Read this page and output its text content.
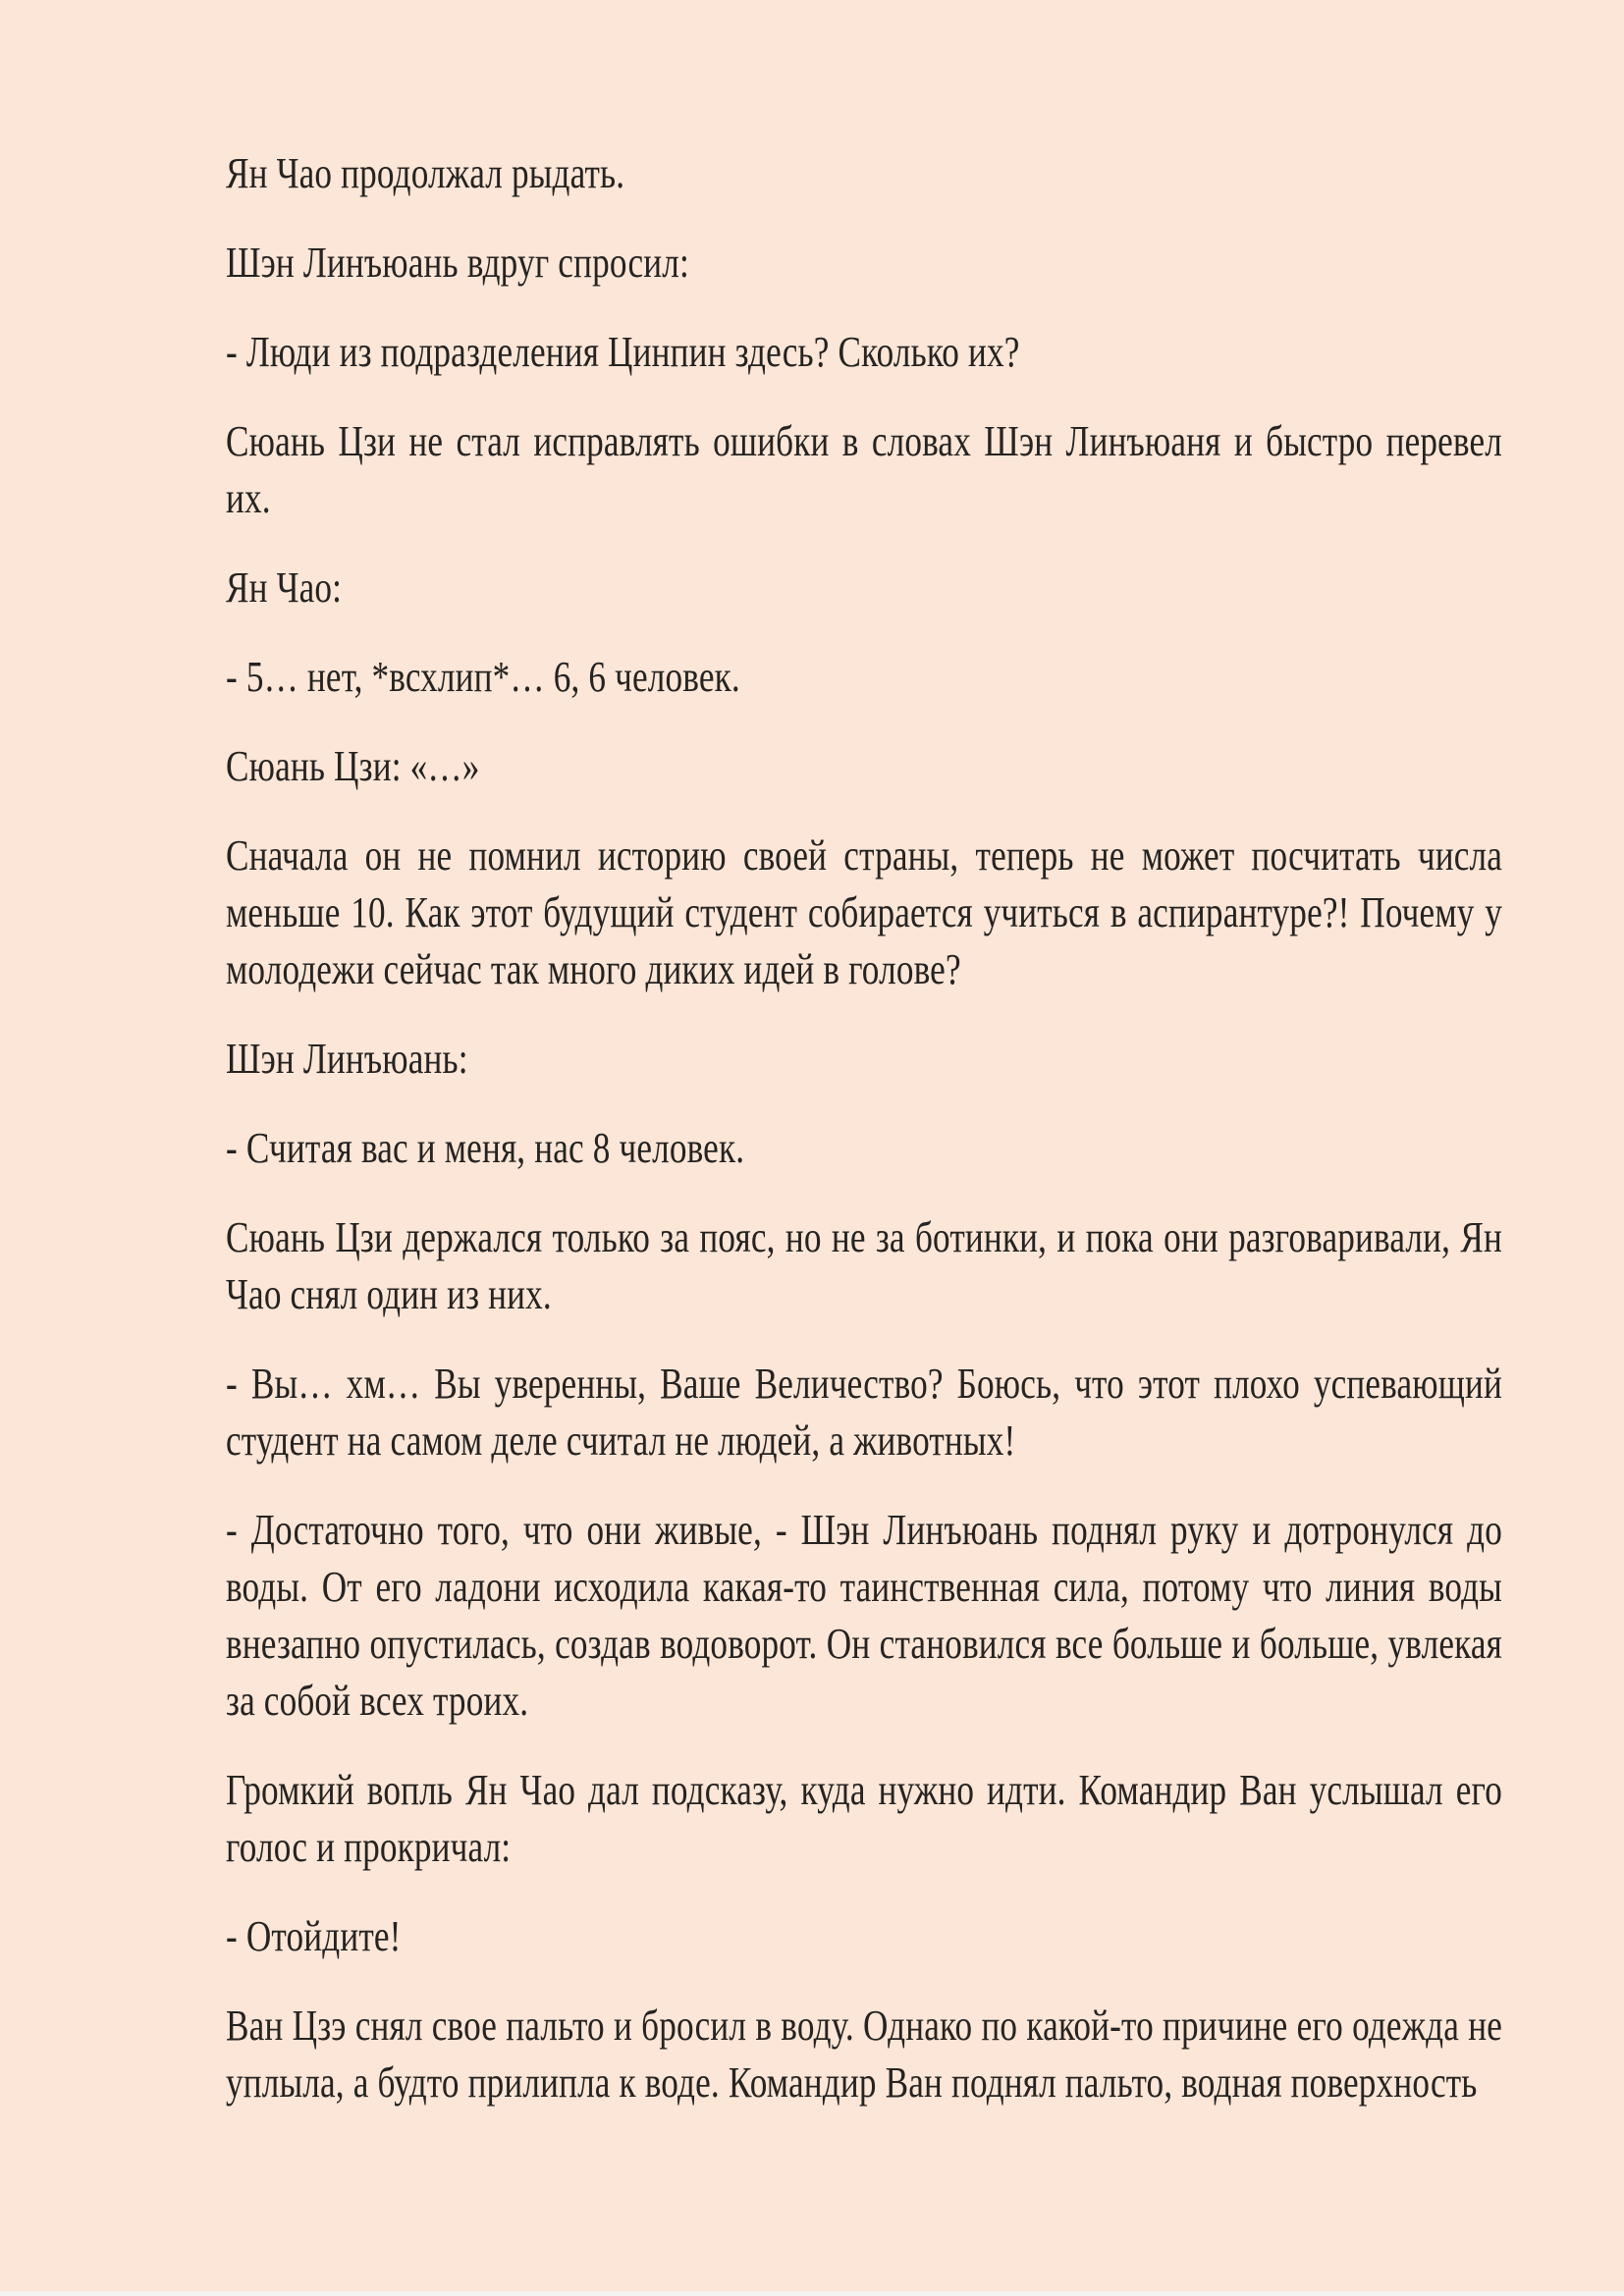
Ян Чао продолжал рыдать.

Шэн Линъюань вдруг спросил:

- Люди из подразделения Цинпин здесь? Сколько их?

Сюань Цзи не стал исправлять ошибки в словах Шэн Линъюаня и быстро перевел их.

Ян Чао:

- 5… нет, *всхлип*… 6, 6 человек.

Сюань Цзи: «…»

Сначала он не помнил историю своей страны, теперь не может посчитать числа меньше 10. Как этот будущий студент собирается учиться в аспирантуре?! Почему у молодежи сейчас так много диких идей в голове?

Шэн Линъюань:

- Считая вас и меня, нас 8 человек.

Сюань Цзи держался только за пояс, но не за ботинки, и пока они разговаривали, Ян Чао снял один из них.

- Вы… хм… Вы уверенны, Ваше Величество? Боюсь, что этот плохо успевающий студент на самом деле считал не людей, а животных!

- Достаточно того, что они живые, - Шэн Линъюань поднял руку и дотронулся до воды. От его ладони исходила какая-то таинственная сила, потому что линия воды внезапно опустилась, создав водоворот. Он становился все больше и больше, увлекая за собой всех троих.

Громкий вопль Ян Чао дал подсказу, куда нужно идти. Командир Ван услышал его голос и прокричал:

- Отойдите!

Ван Цзэ снял свое пальто и бросил в воду. Однако по какой-то причине его одежда не уплыла, а будто прилипла к воде. Командир Ван поднял пальто, водная поверхность
